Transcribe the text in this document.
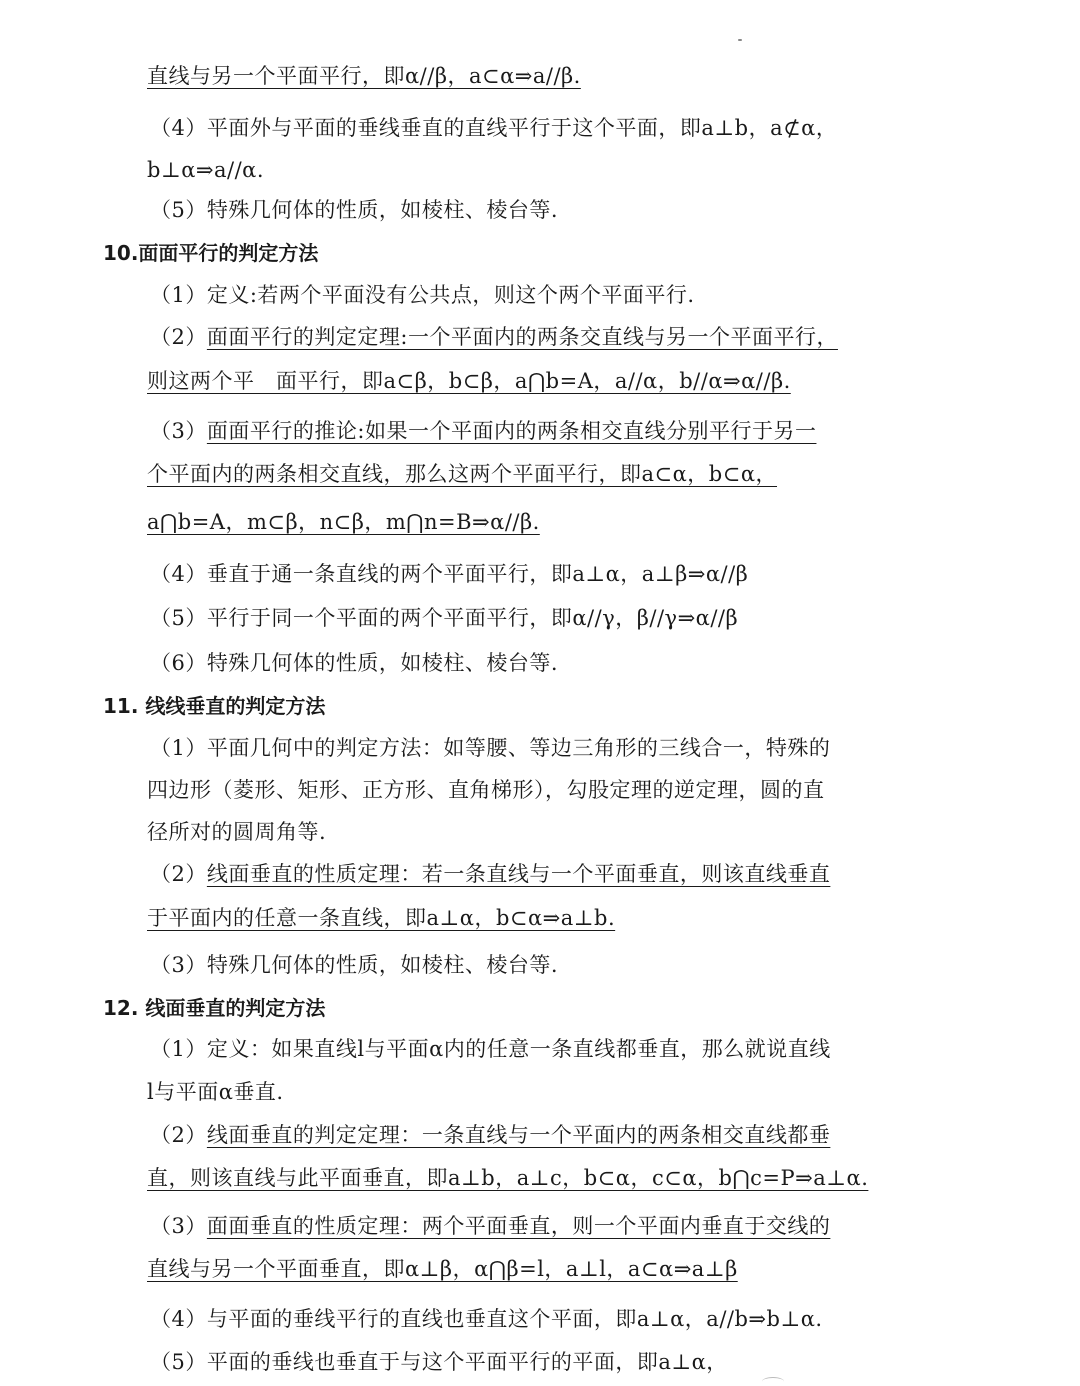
直线与另一个平面平行，即α//β，a⊂α⇒a//β.
（4）平面外与平面的垂线垂直的直线平行于这个平面，即a⊥b，a⊄α，
b⊥α⇒a//α.
（5）特殊几何体的性质，如棱柱、棱台等.
10.面面平行的判定方法
（1）定义:若两个平面没有公共点，则这个两个平面平行.
（2）面面平行的判定定理:一个平面内的两条交直线与另一个平面平行，
则这两个平　面平行，即a⊂β，b⊂β，a⋂b=A，a//α，b//α⇒α//β.
（3）面面平行的推论:如果一个平面内的两条相交直线分别平行于另一
个平面内的两条相交直线，那么这两个平面平行，即a⊂α，b⊂α，
a⋂b=A，m⊂β，n⊂β，m⋂n=B⇒α//β.
（4）垂直于通一条直线的两个平面平行，即a⊥α，a⊥β⇒α//β
（5）平行于同一个平面的两个平面平行，即α//γ，β//γ⇒α//β
（6）特殊几何体的性质，如棱柱、棱台等.
11. 线线垂直的判定方法
（1）平面几何中的判定方法：如等腰、等边三角形的三线合一，特殊的
四边形（菱形、矩形、正方形、直角梯形），勾股定理的逆定理，圆的直
径所对的圆周角等.
（2）线面垂直的性质定理：若一条直线与一个平面垂直，则该直线垂直
于平面内的任意一条直线，即a⊥α，b⊂α⇒a⊥b.
（3）特殊几何体的性质，如棱柱、棱台等.
12. 线面垂直的判定方法
（1）定义：如果直线l与平面α内的任意一条直线都垂直，那么就说直线
l与平面α垂直.
（2）线面垂直的判定定理：一条直线与一个平面内的两条相交直线都垂
直，则该直线与此平面垂直，即a⊥b，a⊥c，b⊂α，c⊂α，b⋂c=P⇒a⊥α.
（3）面面垂直的性质定理：两个平面垂直，则一个平面内垂直于交线的
直线与另一个平面垂直，即α⊥β，α⋂β=l，a⊥l，a⊂α⇒a⊥β
（4）与平面的垂线平行的直线也垂直这个平面，即a⊥α，a//b⇒b⊥α.
（5）平面的垂线也垂直于与这个平面平行的平面，即a⊥α，
